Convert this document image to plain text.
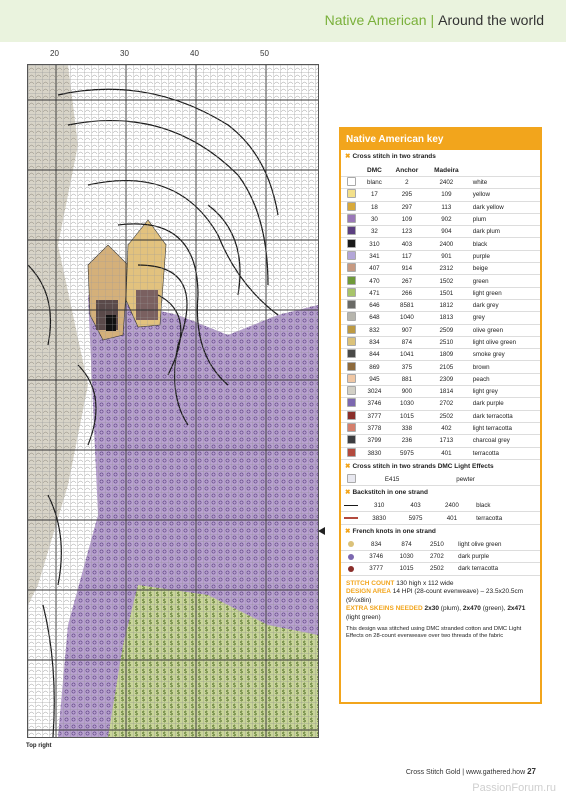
Native American | Around the world
20	30	40	50
Top right
Native American key
✖ Cross stitch in two strands
	DMC	Anchor	Madeira	
	blanc	2	2402	white
	17	295	109	yellow
	18	297	113	dark yellow
	30	109	902	plum
	32	123	904	dark plum
	310	403	2400	black
	341	117	901	purple
	407	914	2312	beige
	470	267	1502	green
	471	266	1501	light green
	646	8581	1812	dark grey
	648	1040	1813	grey
	832	907	2509	olive green
	834	874	2510	light olive green
	844	1041	1809	smoke grey
	869	375	2105	brown
	945	881	2309	peach
	3024	900	1814	light grey
	3746	1030	2702	dark purple
	3777	1015	2502	dark terracotta
	3778	338	402	light terracotta
	3799	236	1713	charcoal grey
	3830	5975	401	terracotta
✖ Cross stitch in two strands DMC Light Effects
	E415			pewter
✖ Backstitch in one strand
	310	403	2400	black
	3830	5975	401	terracotta
✖ French knots in one strand
	834	874	2510	light olive green
	3746	1030	2702	dark purple
	3777	1015	2502	dark terracotta
STITCH COUNT 130 high x 112 wide
DESIGN AREA 14 HPI (28-count evenweave) – 23.5x20.5cm (9¼x8in)
EXTRA SKEINS NEEDED 2x30 (plum), 2x470 (green), 2x471 (light green)
This design was stitched using DMC stranded cotton and DMC Light Effects on 28-count evenweave over two threads of the fabric
Cross Stitch Gold | www.gathered.how 27
PassionForum.ru
